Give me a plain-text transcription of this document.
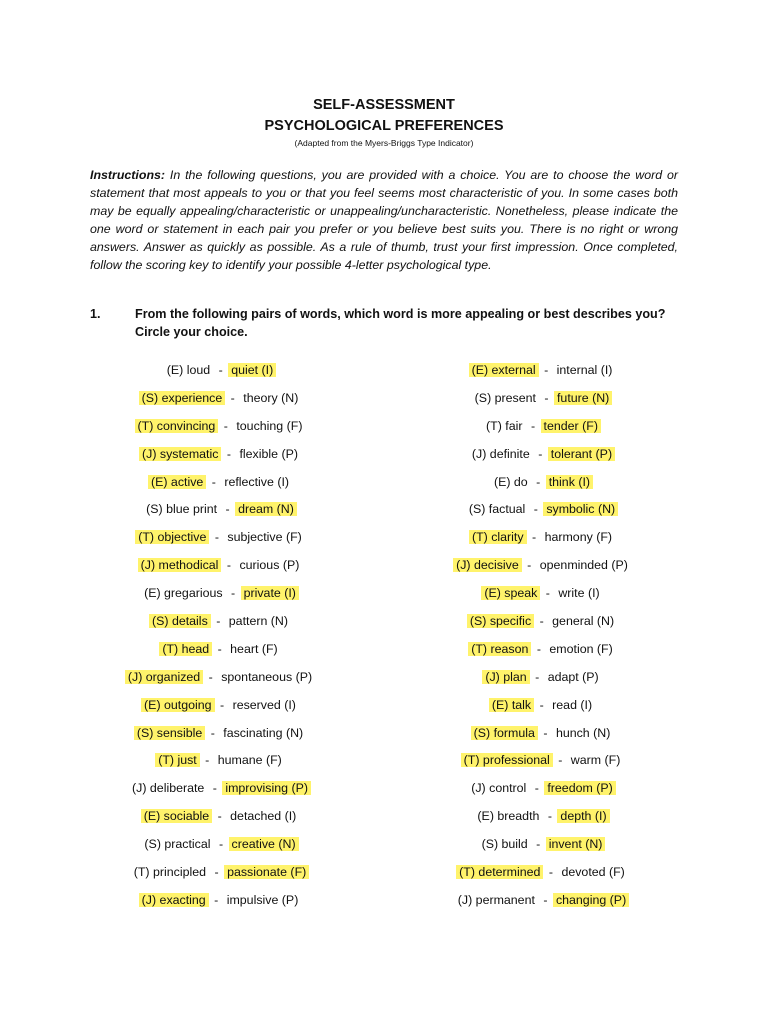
SELF-ASSESSMENT
PSYCHOLOGICAL PREFERENCES
(Adapted from the Myers-Briggs Type Indicator)
Instructions: In the following questions, you are provided with a choice. You are to choose the word or statement that most appeals to you or that you feel seems most characteristic of you. In some cases both may be equally appealing/characteristic or unappealing/uncharacteristic. Nonetheless, please indicate the one word or statement in each pair you prefer or you believe best suits you. There is no right or wrong answers. Answer as quickly as possible. As a rule of thumb, trust your first impression. Once completed, follow the scoring key to identify your possible 4-letter psychological type.
1.	From the following pairs of words, which word is more appealing or best describes you? Circle your choice.
(E) loud - quiet (I)
(S) experience - theory (N)
(T) convincing - touching (F)
(J) systematic - flexible (P)
(E) active - reflective (I)
(S) blue print - dream (N)
(T) objective - subjective (F)
(J) methodical - curious (P)
(E) gregarious - private (I)
(S) details - pattern (N)
(T) head - heart (F)
(J) organized - spontaneous (P)
(E) outgoing - reserved (I)
(S) sensible - fascinating (N)
(T) just - humane (F)
(J) deliberate - improvising (P)
(E) sociable - detached (I)
(S) practical - creative (N)
(T) principled - passionate (F)
(J) exacting - impulsive (P)
(E) external - internal (I)
(S) present - future (N)
(T) fair - tender (F)
(J) definite - tolerant (P)
(E) do - think (I)
(S) factual - symbolic (N)
(T) clarity - harmony (F)
(J) decisive - openminded (P)
(E) speak - write (I)
(S) specific - general (N)
(T) reason - emotion (F)
(J) plan - adapt (P)
(E) talk - read (I)
(S) formula - hunch (N)
(T) professional - warm (F)
(J) control - freedom (P)
(E) breadth - depth (I)
(S) build - invent (N)
(T) determined - devoted (F)
(J) permanent - changing (P)
